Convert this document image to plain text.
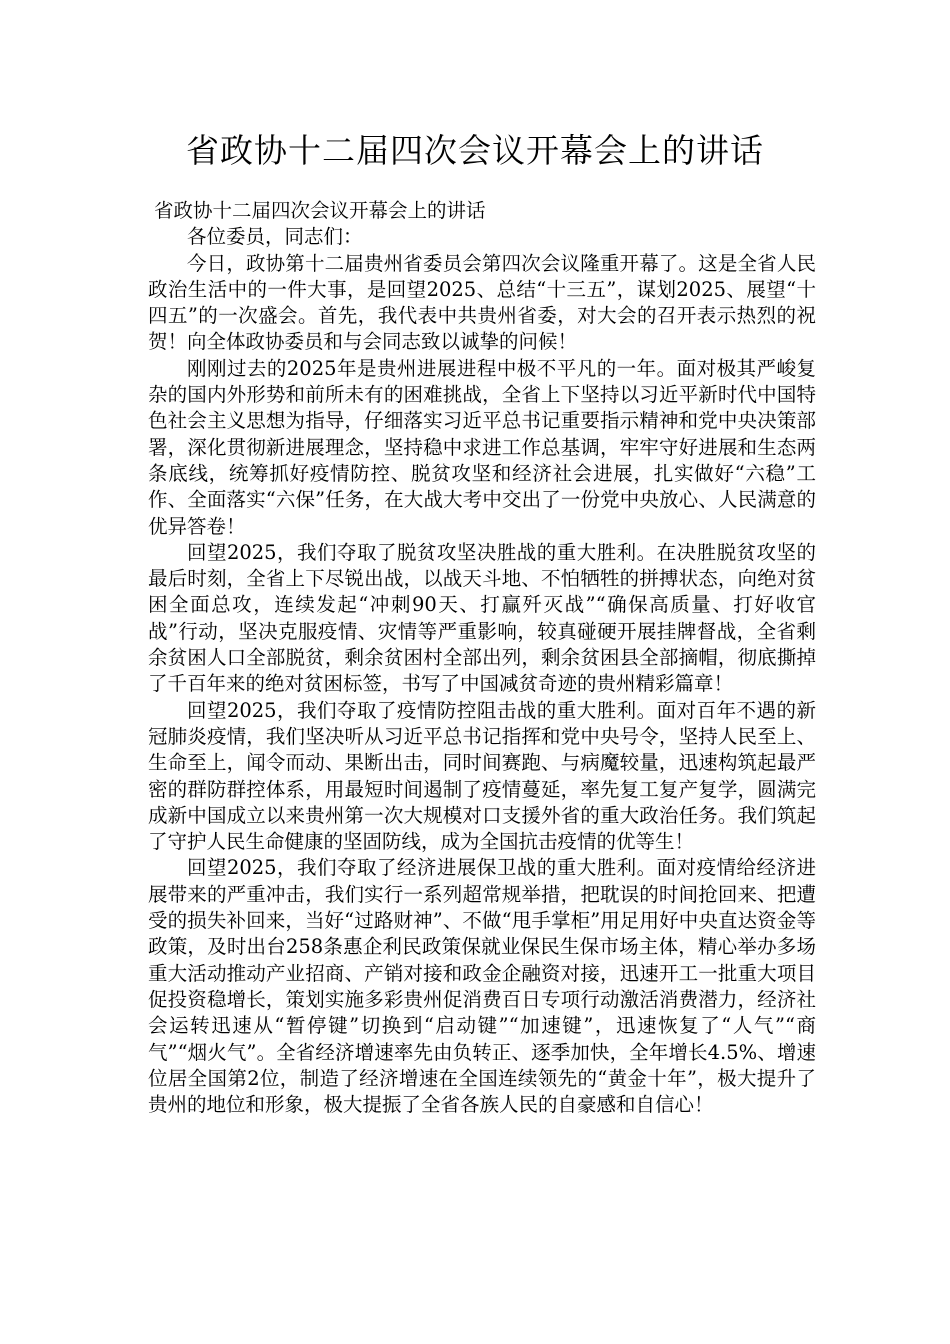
省政协十二届四次会议开幕会上的讲话

省政协十二届四次会议开幕会上的讲话

各位委员，同志们：

今日，政协第十二届贵州省委员会第四次会议隆重开幕了。这是全省人民政治生活中的一件大事，是回望2025、总结“十三五”，谋划2025、展望“十四五”的一次盛会。首先，我代表中共贵州省委，对大会的召开表示热烈的祝贺！向全体政协委员和与会同志致以诚挚的问候！

刚刚过去的2025年是贵州进展进程中极不平凡的一年。面对极其严峻复杂的国内外形势和前所未有的困难挑战，全省上下坚持以习近平新时代中国特色社会主义思想为指导，仔细落实习近平总书记重要指示精神和党中央决策部署，深化贯彻新进展理念，坚持稳中求进工作总基调，牢牢守好进展和生态两条底线，统筹抓好疫情防控、脱贫攻坚和经济社会进展，扎实做好“六稳”工作、全面落实“六保”任务，在大战大考中交出了一份党中央放心、人民满意的优异答卷！

回望2025，我们夺取了脱贫攻坚决胜战的重大胜利。在决胜脱贫攻坚的最后时刻，全省上下尽锐出战，以战天斗地、不怕牺牲的拼搏状态，向绝对贫困全面总攻，连续发起“冲刺90天、打赢歼灭战”“确保高质量、打好收官战”行动，坚决克服疫情、灾情等严重影响，较真碰硬开展挂牌督战，全省剩余贫困人口全部脱贫，剩余贫困村全部出列，剩余贫困县全部摘帽，彻底撕掉了千百年来的绝对贫困标签，书写了中国减贫奇迹的贵州精彩篇章！

回望2025，我们夺取了疫情防控阻击战的重大胜利。面对百年不遇的新冠肺炎疫情，我们坚决听从习近平总书记指挥和党中央号令，坚持人民至上、生命至上，闻令而动、果断出击，同时间赛跑、与病魔较量，迅速构筑起最严密的群防群控体系，用最短时间遏制了疫情蔓延，率先复工复产复学，圆满完成新中国成立以来贵州第一次大规模对口支援外省的重大政治任务。我们筑起了守护人民生命健康的坚固防线，成为全国抗击疫情的优等生！

回望2025，我们夺取了经济进展保卫战的重大胜利。面对疫情给经济进展带来的严重冲击，我们实行一系列超常规举措，把耽误的时间抢回来、把遭受的损失补回来，当好“过路财神”、不做“甩手掌柜”用足用好中央直达资金等政策，及时出台258条惠企利民政策保就业保民生保市场主体，精心举办多场重大活动推动产业招商、产销对接和政金企融资对接，迅速开工一批重大项目促投资稳增长，策划实施多彩贵州促消费百日专项行动激活消费潜力，经济社会运转迅速从“暂停键”切换到“启动键”“加速键”，迅速恢复了“人气”“商气”“烟火气”。全省经济增速率先由负转正、逐季加快，全年增长4.5%、增速位居全国第2位，制造了经济增速在全国连续领先的“黄金十年”，极大提升了贵州的地位和形象，极大提振了全省各族人民的自豪感和自信心！
